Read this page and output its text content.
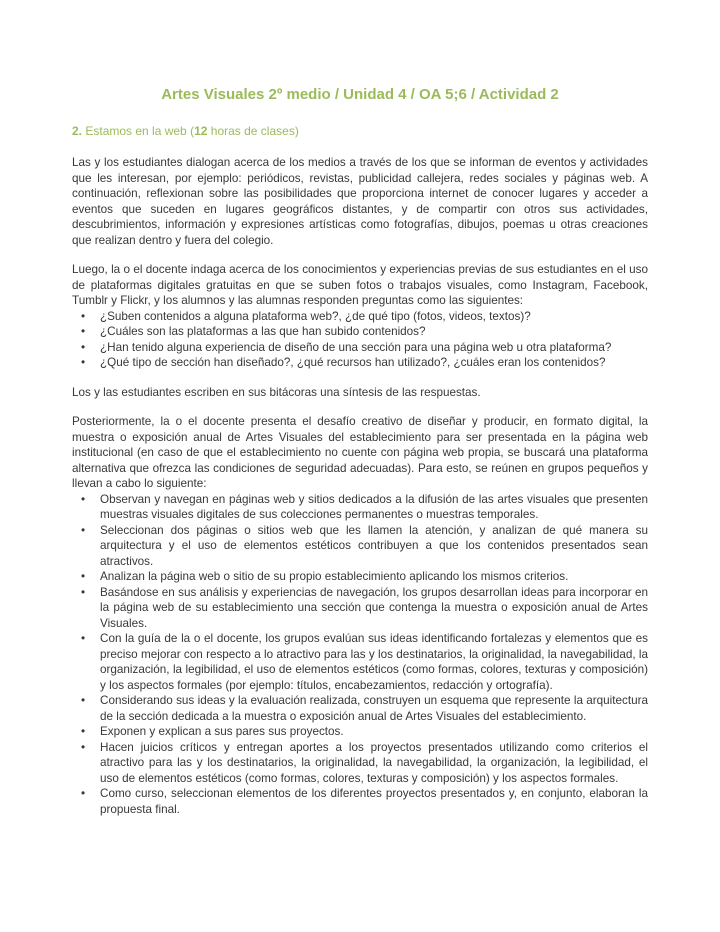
Artes Visuales 2º medio / Unidad 4 / OA 5;6 / Actividad 2
2. Estamos en la web (12 horas de clases)

Las y los estudiantes dialogan acerca de los medios a través de los que se informan de eventos y actividades que les interesan, por ejemplo: periódicos, revistas, publicidad callejera, redes sociales y páginas web. A continuación, reflexionan sobre las posibilidades que proporciona internet de conocer lugares y acceder a eventos que suceden en lugares geográficos distantes, y de compartir con otros sus actividades, descubrimientos, información y expresiones artísticas como fotografías, dibujos, poemas u otras creaciones que realizan dentro y fuera del colegio.

Luego, la o el docente indaga acerca de los conocimientos y experiencias previas de sus estudiantes en el uso de plataformas digitales gratuitas en que se suben fotos o trabajos visuales, como Instagram, Facebook, Tumblr y Flickr, y los alumnos y las alumnas responden preguntas como las siguientes:

•
¿Suben contenidos a alguna plataforma web?, ¿de qué tipo (fotos, videos, textos)?
•
¿Cuáles son las plataformas a las que han subido contenidos?
•
¿Han tenido alguna experiencia de diseño de una sección para una página web u otra plataforma?
•
¿Qué tipo de sección han diseñado?, ¿qué recursos han utilizado?, ¿cuáles eran los contenidos?

Los y las estudiantes escriben en sus bitácoras una síntesis de las respuestas.

Posteriormente, la o el docente presenta el desafío creativo de diseñar y producir, en formato digital, la muestra o exposición anual de Artes Visuales del establecimiento para ser presentada en la página web institucional (en caso de que el establecimiento no cuente con página web propia, se buscará una plataforma alternativa que ofrezca las condiciones de seguridad adecuadas). Para esto, se reúnen en grupos pequeños y llevan a cabo lo siguiente:

•
Observan y navegan en páginas web y sitios dedicados a la difusión de las artes visuales que presenten muestras visuales digitales de sus colecciones permanentes o muestras temporales.
•
Seleccionan dos páginas o sitios web que les llamen la atención, y analizan de qué manera su arquitectura y el uso de elementos estéticos contribuyen a que los contenidos presentados sean atractivos.
•
Analizan la página web o sitio de su propio establecimiento aplicando los mismos criterios.
•
Basándose en sus análisis y experiencias de navegación, los grupos desarrollan ideas para incorporar en la página web de su establecimiento una sección que contenga la muestra o exposición anual de Artes Visuales.
•
Con la guía de la o el docente, los grupos evalúan sus ideas identificando fortalezas y elementos que es preciso mejorar con respecto a lo atractivo para las y los destinatarios, la originalidad, la navegabilidad, la organización, la legibilidad, el uso de elementos estéticos (como formas, colores, texturas y composición) y los aspectos formales (por ejemplo: títulos, encabezamientos, redacción y ortografía).
•
Considerando sus ideas y la evaluación realizada, construyen un esquema que represente la arquitectura de la sección dedicada a la muestra o exposición anual de Artes Visuales del establecimiento.
•
Exponen y explican a sus pares sus proyectos.
•
Hacen juicios críticos y entregan aportes a los proyectos presentados utilizando como criterios el atractivo para las y los destinatarios, la originalidad, la navegabilidad, la organización, la legibilidad, el uso de elementos estéticos (como formas, colores, texturas y composición) y los aspectos formales.
•
Como curso, seleccionan elementos de los diferentes proyectos presentados y, en conjunto, elaboran la propuesta final.
